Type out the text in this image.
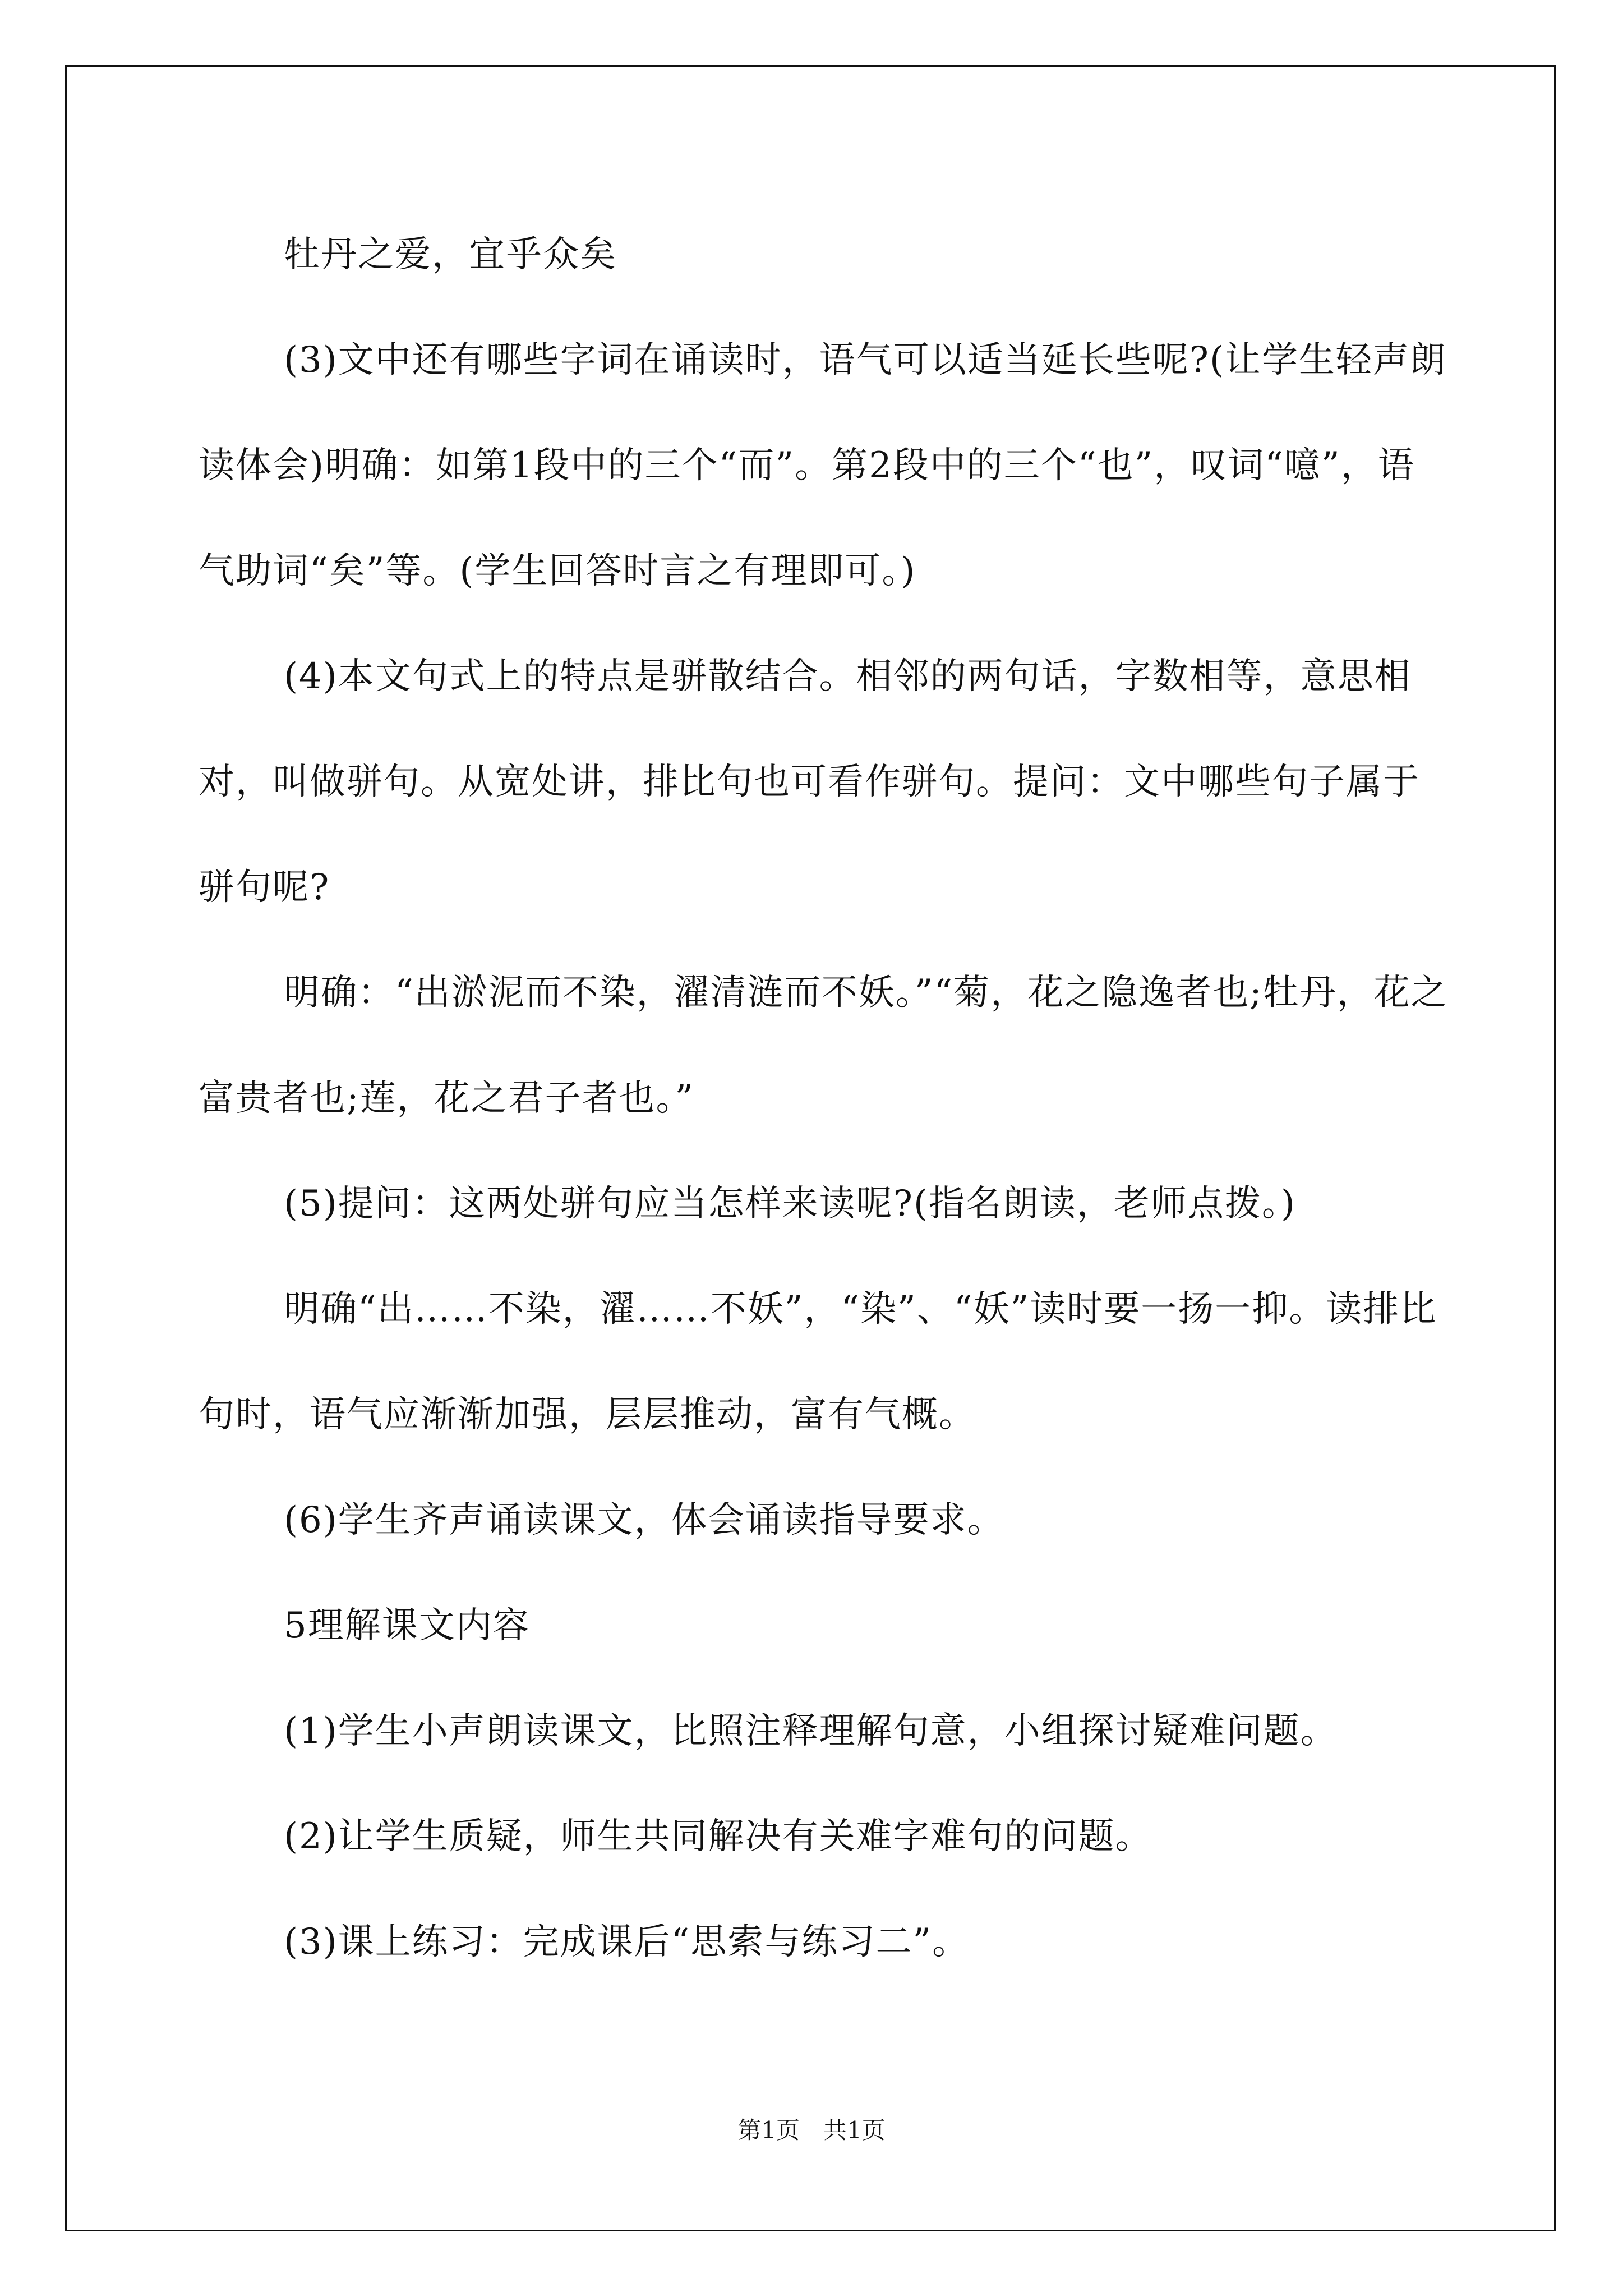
牡丹之爱，宜乎众矣

(3)文中还有哪些字词在诵读时，语气可以适当延长些呢?(让学生轻声朗读体会)明确：如第1段中的三个“而”。第2段中的三个“也”，叹词“噫”，语气助词“矣”等。(学生回答时言之有理即可。)

(4)本文句式上的特点是骈散结合。相邻的两句话，字数相等，意思相对，叫做骈句。从宽处讲，排比句也可看作骈句。提问：文中哪些句子属于骈句呢?

明确：“出淤泥而不染，濯清涟而不妖。”“菊，花之隐逸者也;牡丹，花之富贵者也;莲，花之君子者也。”

(5)提问：这两处骈句应当怎样来读呢?(指名朗读，老师点拨。)

明确“出……不染，濯……不妖”，“染”、“妖”读时要一扬一抑。读排比句时，语气应渐渐加强，层层推动，富有气概。

(6)学生齐声诵读课文，体会诵读指导要求。

5理解课文内容

(1)学生小声朗读课文，比照注释理解句意，小组探讨疑难问题。

(2)让学生质疑，师生共同解决有关难字难句的问题。

(3)课上练习：完成课后“思索与练习二”。

第1页　共1页
